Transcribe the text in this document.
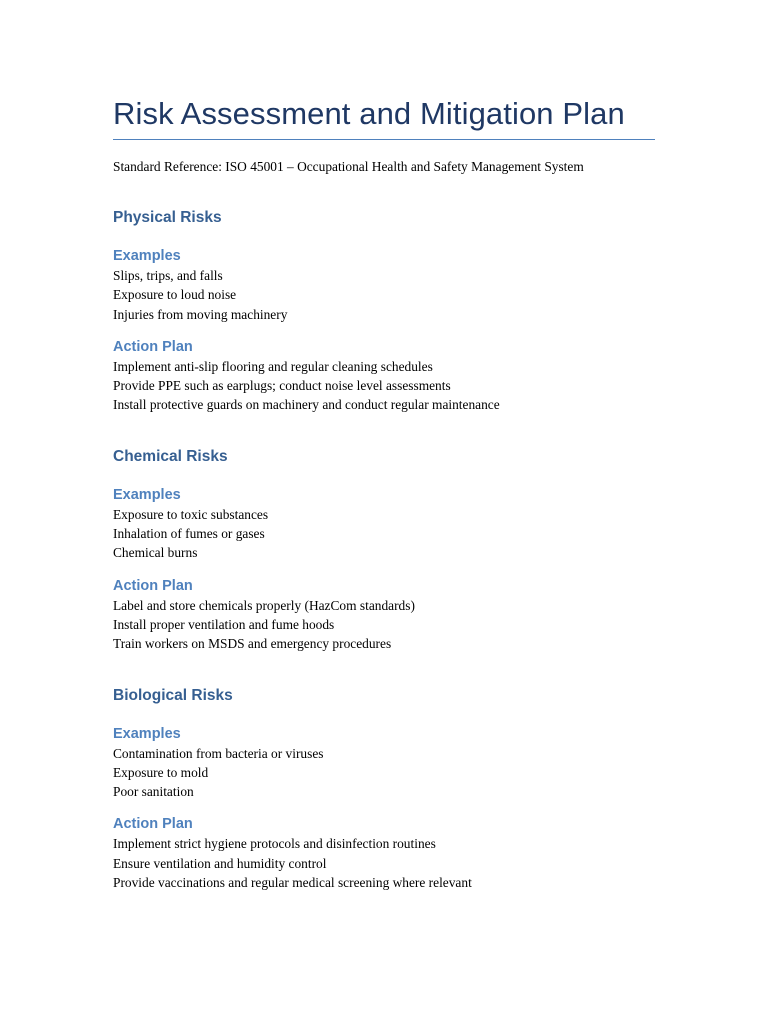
Risk Assessment and Mitigation Plan

Standard Reference: ISO 45001 – Occupational Health and Safety Management System

Physical Risks
Examples
Slips, trips, and falls
Exposure to loud noise
Injuries from moving machinery
Action Plan
Implement anti-slip flooring and regular cleaning schedules
Provide PPE such as earplugs; conduct noise level assessments
Install protective guards on machinery and conduct regular maintenance
Chemical Risks
Examples
Exposure to toxic substances
Inhalation of fumes or gases
Chemical burns
Action Plan
Label and store chemicals properly (HazCom standards)
Install proper ventilation and fume hoods
Train workers on MSDS and emergency procedures
Biological Risks
Examples
Contamination from bacteria or viruses
Exposure to mold
Poor sanitation
Action Plan
Implement strict hygiene protocols and disinfection routines
Ensure ventilation and humidity control
Provide vaccinations and regular medical screening where relevant
